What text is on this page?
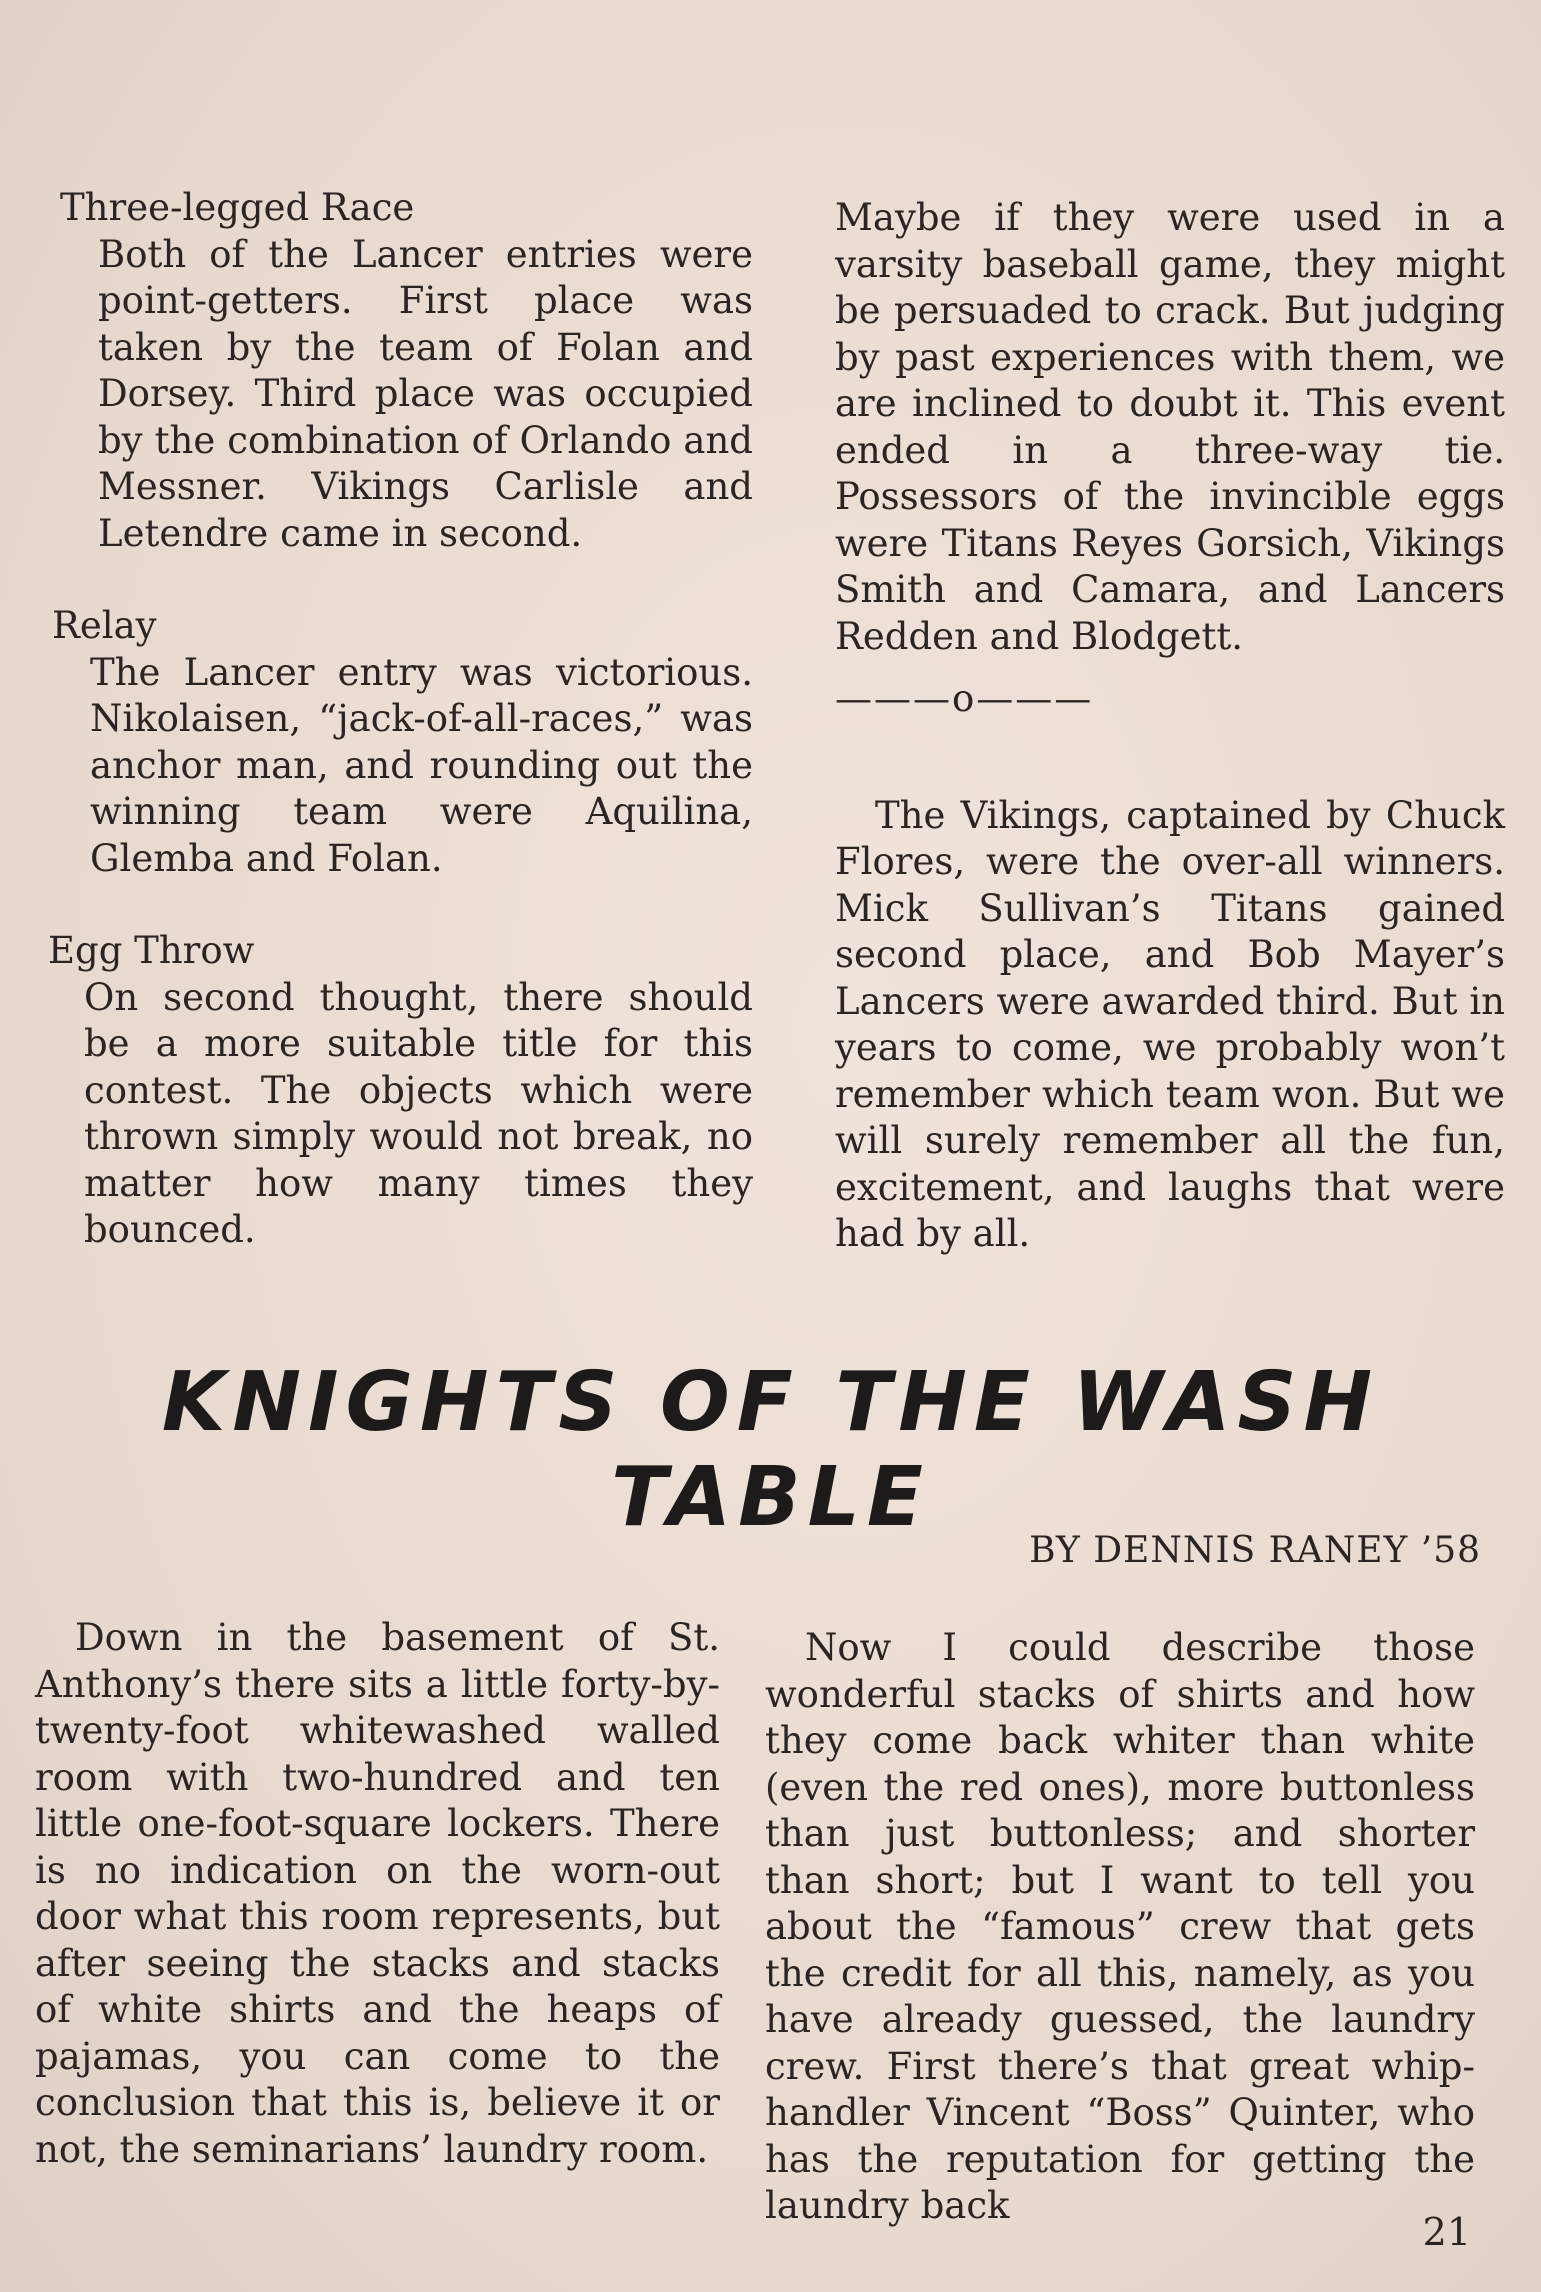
Three-legged Race

Both of the Lancer entries were point-getters. First place was taken by the team of Folan and Dorsey. Third place was occupied by the combination of Orlando and Messner. Vikings Carlisle and Letendre came in second.

Relay

The Lancer entry was victorious. Nikolaisen, “jack-of-all-races,” was anchor man, and rounding out the winning team were Aquilina, Glemba and Folan.

Egg Throw

On second thought, there should be a more suitable title for this contest. The objects which were thrown simply would not break, no matter how many times they bounced.

Maybe if they were used in a varsity baseball game, they might be persuaded to crack. But judging by past experiences with them, we are inclined to doubt it. This event ended in a three-way tie. Possessors of the invincible eggs were Titans Reyes Gorsich, Vikings Smith and Camara, and Lancers Redden and Blodgett.

———o———

The Vikings, captained by Chuck Flores, were the over-all winners. Mick Sullivan’s Titans gained second place, and Bob Mayer’s Lancers were awarded third. But in years to come, we probably won’t remember which team won. But we will surely remember all the fun, excitement, and laughs that were had by all.

KNIGHTS OF THE WASH TABLE

BY DENNIS RANEY ’58

Down in the basement of St. Anthony’s there sits a little forty-by-twenty-foot whitewashed walled room with two-hundred and ten little one-foot-square lockers. There is no indication on the worn-out door what this room represents, but after seeing the stacks and stacks of white shirts and the heaps of pajamas, you can come to the conclusion that this is, believe it or not, the seminarians’ laundry room.

Now I could describe those wonderful stacks of shirts and how they come back whiter than white (even the red ones), more buttonless than just buttonless; and shorter than short; but I want to tell you about the “famous” crew that gets the credit for all this, namely, as you have already guessed, the laundry crew. First there’s that great whip-handler Vincent “Boss” Quinter, who has the reputation for getting the laundry back

21
